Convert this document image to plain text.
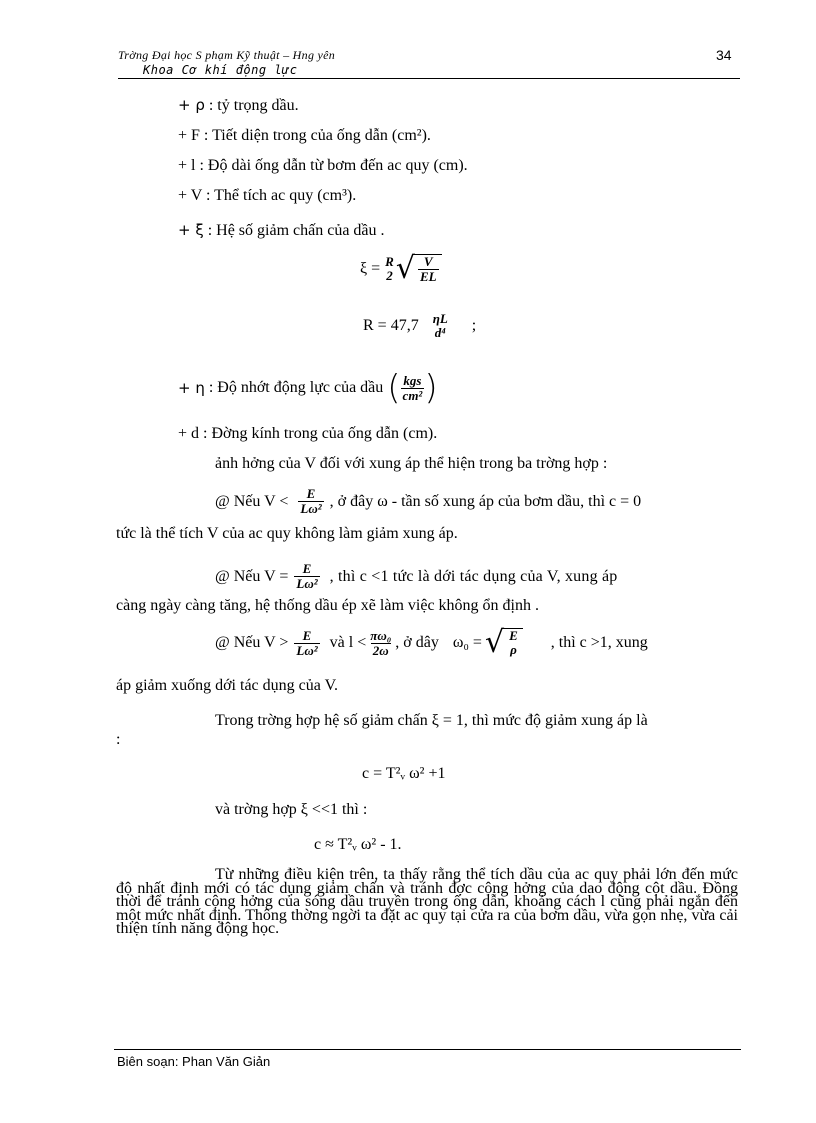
Trờng Đại học S phạm Kỹ thuật – Hng yên
Khoa Cơ khí động lực
34
+ ρ : tỷ trọng dầu.
+ F : Tiết diện trong của ống dẫn (cm²).
+ l : Độ dài ống dẫn từ bơm đến ac quy (cm).
+ V : Thể tích ac quy (cm³).
+ ξ : Hệ số giảm chấn của dầu .
ξ = R
2 √ $\frac{V}{EL}$
R = 47,7 ηL
d⁴ ;
+ η
: Độ nhớt động lực của dầu ( $\frac{\text{kgs}}{\text{cm²}}$ )
+ d : Đờng kính trong của ống dẫn (cm).
ảnh hởng của V đối với xung áp thể hiện trong ba trờng hợp :
@ Nếu $V < \frac{E}{\text{Lω²}}$ , ở đây ω - tần số xung áp của bơm dầu, thì c = 0
tức là thể tích V của ac quy không làm giảm xung áp.
@ Nếu $V = \frac{E}{\text{Lω²}}$ , thì c <1 tức là dới tác dụng của V, xung áp
càng ngày càng tăng, hệ thống dầu ép xẽ làm việc không ổn định .
@ Nếu $V > \frac{E}{\text{Lω²}}$ và $l < \frac{\text{πω₀}}{2\omega}$ , ở dây ω₀ = √ E
ρ , thì c >1, xung
áp giảm xuống dới tác dụng của V.
Trong trờng hợp hệ số giảm chấn ξ = 1, thì mức độ giảm xung áp là
:
c = T²ᵥ ω² +1
và trờng hợp ξ <<1 thì :
c ≈ T²ᵥ ω² - 1.
Từ những điều kiện trên, ta thấy rằng thể tích dầu của ac quy phải lớn đến mức độ nhất định mới có tác dụng giảm chấn và tránh đợc cộng hởng của dao động cột dầu. Đồng thời để tránh cộng hởng của sóng dầu truyền trong ống dẫn, khoảng cách l cũng phải ngắn đến một mức nhất định. Thông thờng ngời ta đặt ac quy tại cửa ra của bơm dầu, vừa gọn nhẹ, vừa cải thiện tính năng động học.
Biên soạn: Phan Văn Giản
